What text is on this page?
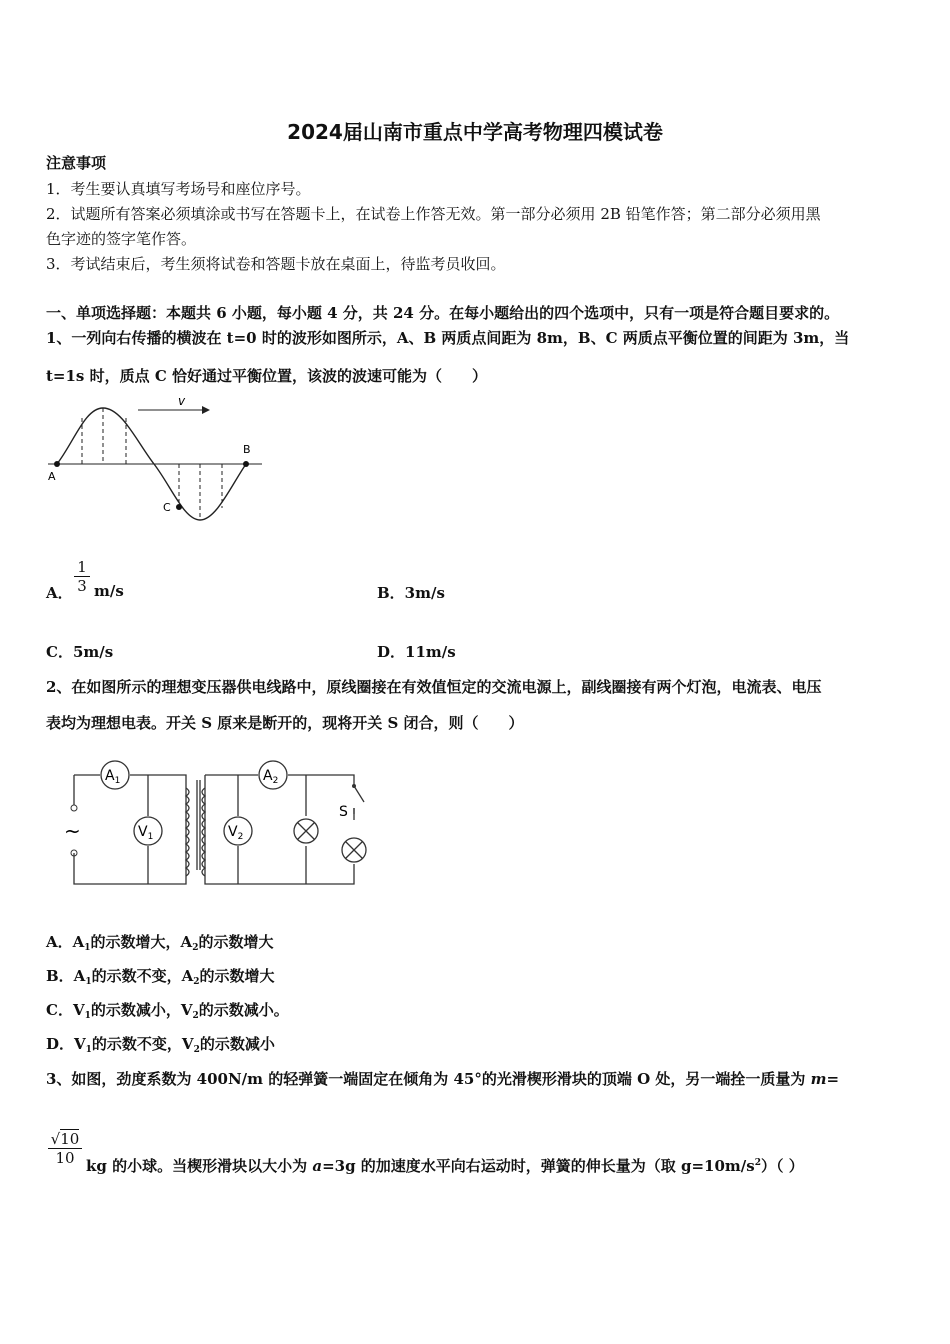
2024届山南市重点中学高考物理四模试卷
注意事项
1．考生要认真填写考场号和座位序号。
2．试题所有答案必须填涂或书写在答题卡上，在试卷上作答无效。第一部分必须用 2B 铅笔作答；第二部分必须用黑
色字迹的签字笔作答。
3．考试结束后，考生须将试卷和答题卡放在桌面上，待监考员收回。
一、单项选择题：本题共 6 小题，每小题 4 分，共 24 分。在每小题给出的四个选项中，只有一项是符合题目要求的。
1、一列向右传播的横波在 t=0 时的波形如图所示，A、B 两质点间距为 8m，B、C 两质点平衡位置的间距为 3m，当
t=1s 时，质点 C 恰好通过平衡位置，该波的波速可能为（　　）
v
A
B
C
A． $\frac{1}{3} m/s$	B．3m/s
C．5m/s	D．11m/s
2、在如图所示的理想变压器供电线路中，原线圈接在有效值恒定的交流电源上，副线圈接有两个灯泡，电流表、电压
表均为理想电表。开关 S 原来是断开的，现将开关 S 闭合，则（　　）
~
$A_1$	$A_2$
$V_1$	$V_2$
S
A．$A_1$的示数增大，$A_2$的示数增大
B．$A_1$的示数不变，$A_2$的示数增大
C．$V_1$的示数减小，$V_2$的示数减小。
D．$V_1$的示数不变，$V_2$的示数减小
3、如图，劲度系数为 400N/m 的轻弹簧一端固定在倾角为 45°的光滑楔形滑块的顶端 O 处，另一端拴一质量为 m=
$\frac{√10}{10}$ kg 的小球。当楔形滑块以大小为 a=3g 的加速度水平向右运动时，弹簧的伸长量为（取 $g=10m/s^2$）（ ）
